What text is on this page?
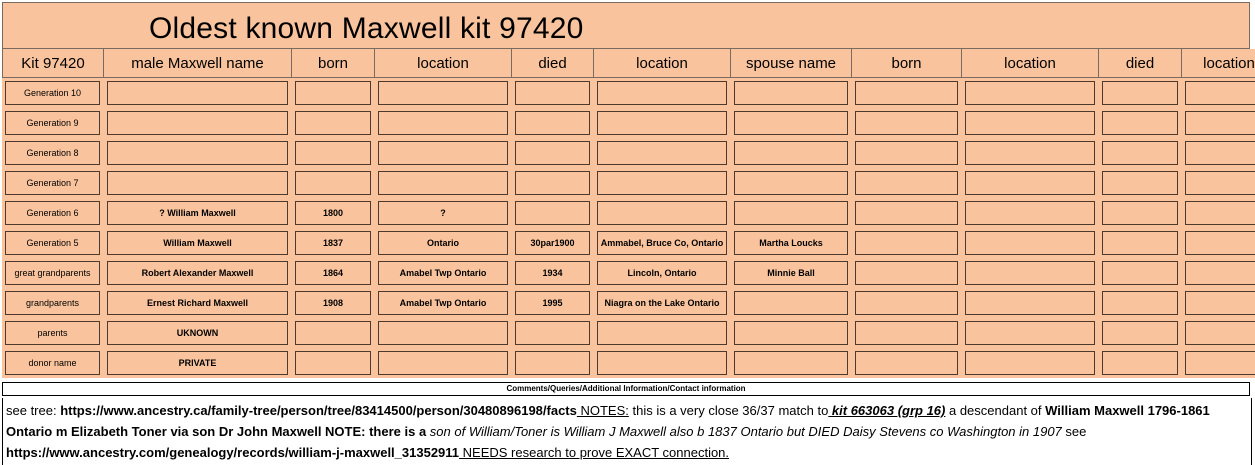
Oldest known Maxwell kit 97420
Kit 97420	male Maxwell name	born	location	died	location	spouse name	born	location	died	location

Generation 10										

Generation 9										

Generation 8										

Generation 7										

Generation 6	? William Maxwell	1800	?							

Generation 5	William Maxwell	1837	Ontario	30par1900	Ammabel, Bruce Co, Ontario	Martha Loucks				

great grandparents	Robert Alexander Maxwell	1864	Amabel Twp Ontario	1934	Lincoln, Ontario	Minnie Ball				

grandparents	Ernest Richard Maxwell	1908	Amabel Twp Ontario	1995	Niagra on the Lake Ontario					

parents	UKNOWN									

donor name	PRIVATE									

Comments/Queries/Additional Information/Contact information
see tree: https://www.ancestry.ca/family-tree/person/tree/83414500/person/30480896198/facts NOTES: this is a very close 36/37 match to kit 663063 (grp 16) a descendant of William Maxwell 1796-1861 Ontario m Elizabeth Toner via son Dr John Maxwell NOTE: there is a son of William/Toner is William J Maxwell also b 1837 Ontario but DIED Daisy Stevens co Washington in 1907 see https://www.ancestry.com/genealogy/records/william-j-maxwell_31352911 NEEDS research to prove EXACT connection.
